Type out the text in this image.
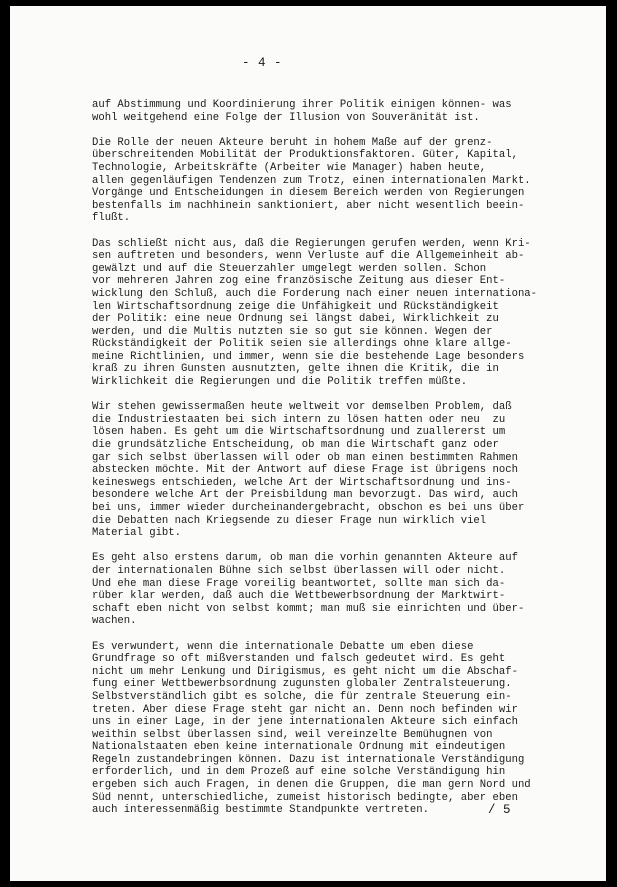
- 4 -
auf Abstimmung und Koordinierung ihrer Politik einigen können- was
wohl weitgehend eine Folge der Illusion von Souveränität ist.
Die Rolle der neuen Akteure beruht in hohem Maße auf der grenz-
überschreitenden Mobilität der Produktionsfaktoren. Güter, Kapital,
Technologie, Arbeitskräfte (Arbeiter wie Manager) haben heute,
allen gegenläufigen Tendenzen zum Trotz, einen internationalen Markt.
Vorgänge und Entscheidungen in diesem Bereich werden von Regierungen
bestenfalls im nachhinein sanktioniert, aber nicht wesentlich beein-
flußt.
Das schließt nicht aus, daß die Regierungen gerufen werden, wenn Kri-
sen auftreten und besonders, wenn Verluste auf die Allgemeinheit ab-
gewälzt und auf die Steuerzahler umgelegt werden sollen. Schon
vor mehreren Jahren zog eine französische Zeitung aus dieser Ent-
wicklung den Schluß, auch die Forderung nach einer neuen internationa-
len Wirtschaftsordnung zeige die Unfähigkeit und Rückständigkeit
der Politik: eine neue Ordnung sei längst dabei, Wirklichkeit zu
werden, und die Multis nutzten sie so gut sie können. Wegen der
Rückständigkeit der Politik seien sie allerdings ohne klare allge-
meine Richtlinien, und immer, wenn sie die bestehende Lage besonders
kraß zu ihren Gunsten ausnutzten, gelte ihnen die Kritik, die in
Wirklichkeit die Regierungen und die Politik treffen müßte.
Wir stehen gewissermaßen heute weltweit vor demselben Problem, daß
die Industriestaaten bei sich intern zu lösen hatten oder neu  zu
lösen haben. Es geht um die Wirtschaftsordnung und zuallererst um
die grundsätzliche Entscheidung, ob man die Wirtschaft ganz oder
gar sich selbst überlassen will oder ob man einen bestimmten Rahmen
abstecken möchte. Mit der Antwort auf diese Frage ist übrigens noch
keineswegs entschieden, welche Art der Wirtschaftsordnung und ins-
besondere welche Art der Preisbildung man bevorzugt. Das wird, auch
bei uns, immer wieder durcheinandergebracht, obschon es bei uns über
die Debatten nach Kriegsende zu dieser Frage nun wirklich viel
Material gibt.
Es geht also erstens darum, ob man die vorhin genannten Akteure auf
der internationalen Bühne sich selbst überlassen will oder nicht.
Und ehe man diese Frage voreilig beantwortet, sollte man sich da-
rüber klar werden, daß auch die Wettbewerbsordnung der Marktwirt-
schaft eben nicht von selbst kommt; man muß sie einrichten und über-
wachen.
Es verwundert, wenn die internationale Debatte um eben diese
Grundfrage so oft mißverstanden und falsch gedeutet wird. Es geht
nicht um mehr Lenkung und Dirigismus, es geht nicht um die Abschaf-
fung einer Wettbewerbsordnung zugunsten globaler Zentralsteuerung.
Selbstverständlich gibt es solche, die für zentrale Steuerung ein-
treten. Aber diese Frage steht gar nicht an. Denn noch befinden wir
uns in einer Lage, in der jene internationalen Akteure sich einfach
weithin selbst überlassen sind, weil vereinzelte Bemühugnen von
Nationalstaaten eben keine internationale Ordnung mit eindeutigen
Regeln zustandebringen können. Dazu ist internationale Verständigung
erforderlich, und in dem Prozeß auf eine solche Verständigung hin
ergeben sich auch Fragen, in denen die Gruppen, die man gern Nord und
Süd nennt, unterschiedliche, zumeist historisch bedingte, aber eben
auch interessenmäßig bestimmte Standpunkte vertreten.	/ 5
